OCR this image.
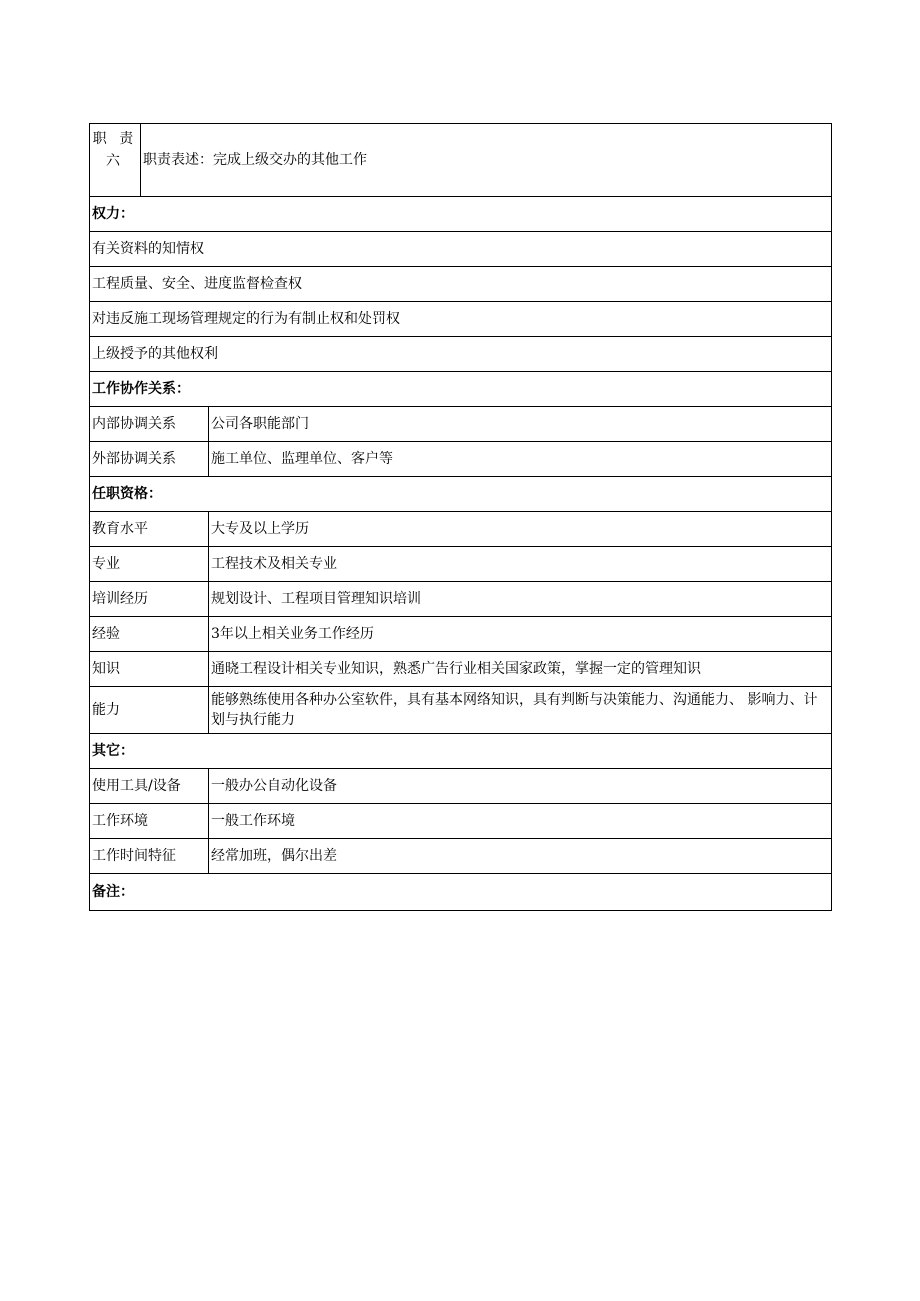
职 责
六	职责表述：完成上级交办的其他工作	
权力：		
有关资料的知情权		
工程质量、安全、进度监督检查权		
对违反施工现场管理规定的行为有制止权和处罚权		
上级授予的其他权利		
工作协作关系：		
内部协调关系		公司各职能部门
外部协调关系		施工单位、监理单位、客户等
任职资格：		
教育水平		大专及以上学历
专业		工程技术及相关专业
培训经历		规划设计、工程项目管理知识培训
经验		3年以上相关业务工作经历
知识		通晓工程设计相关专业知识，熟悉广告行业相关国家政策，掌握一定的管理知识
能力		能够熟练使用各种办公室软件，具有基本网络知识，具有判断与决策能力、沟通能力、 影响力、计划与执行能力
其它：		
使用工具/设备		一般办公自动化设备
工作环境		一般工作环境
工作时间特征		经常加班，偶尔出差
备注：		
